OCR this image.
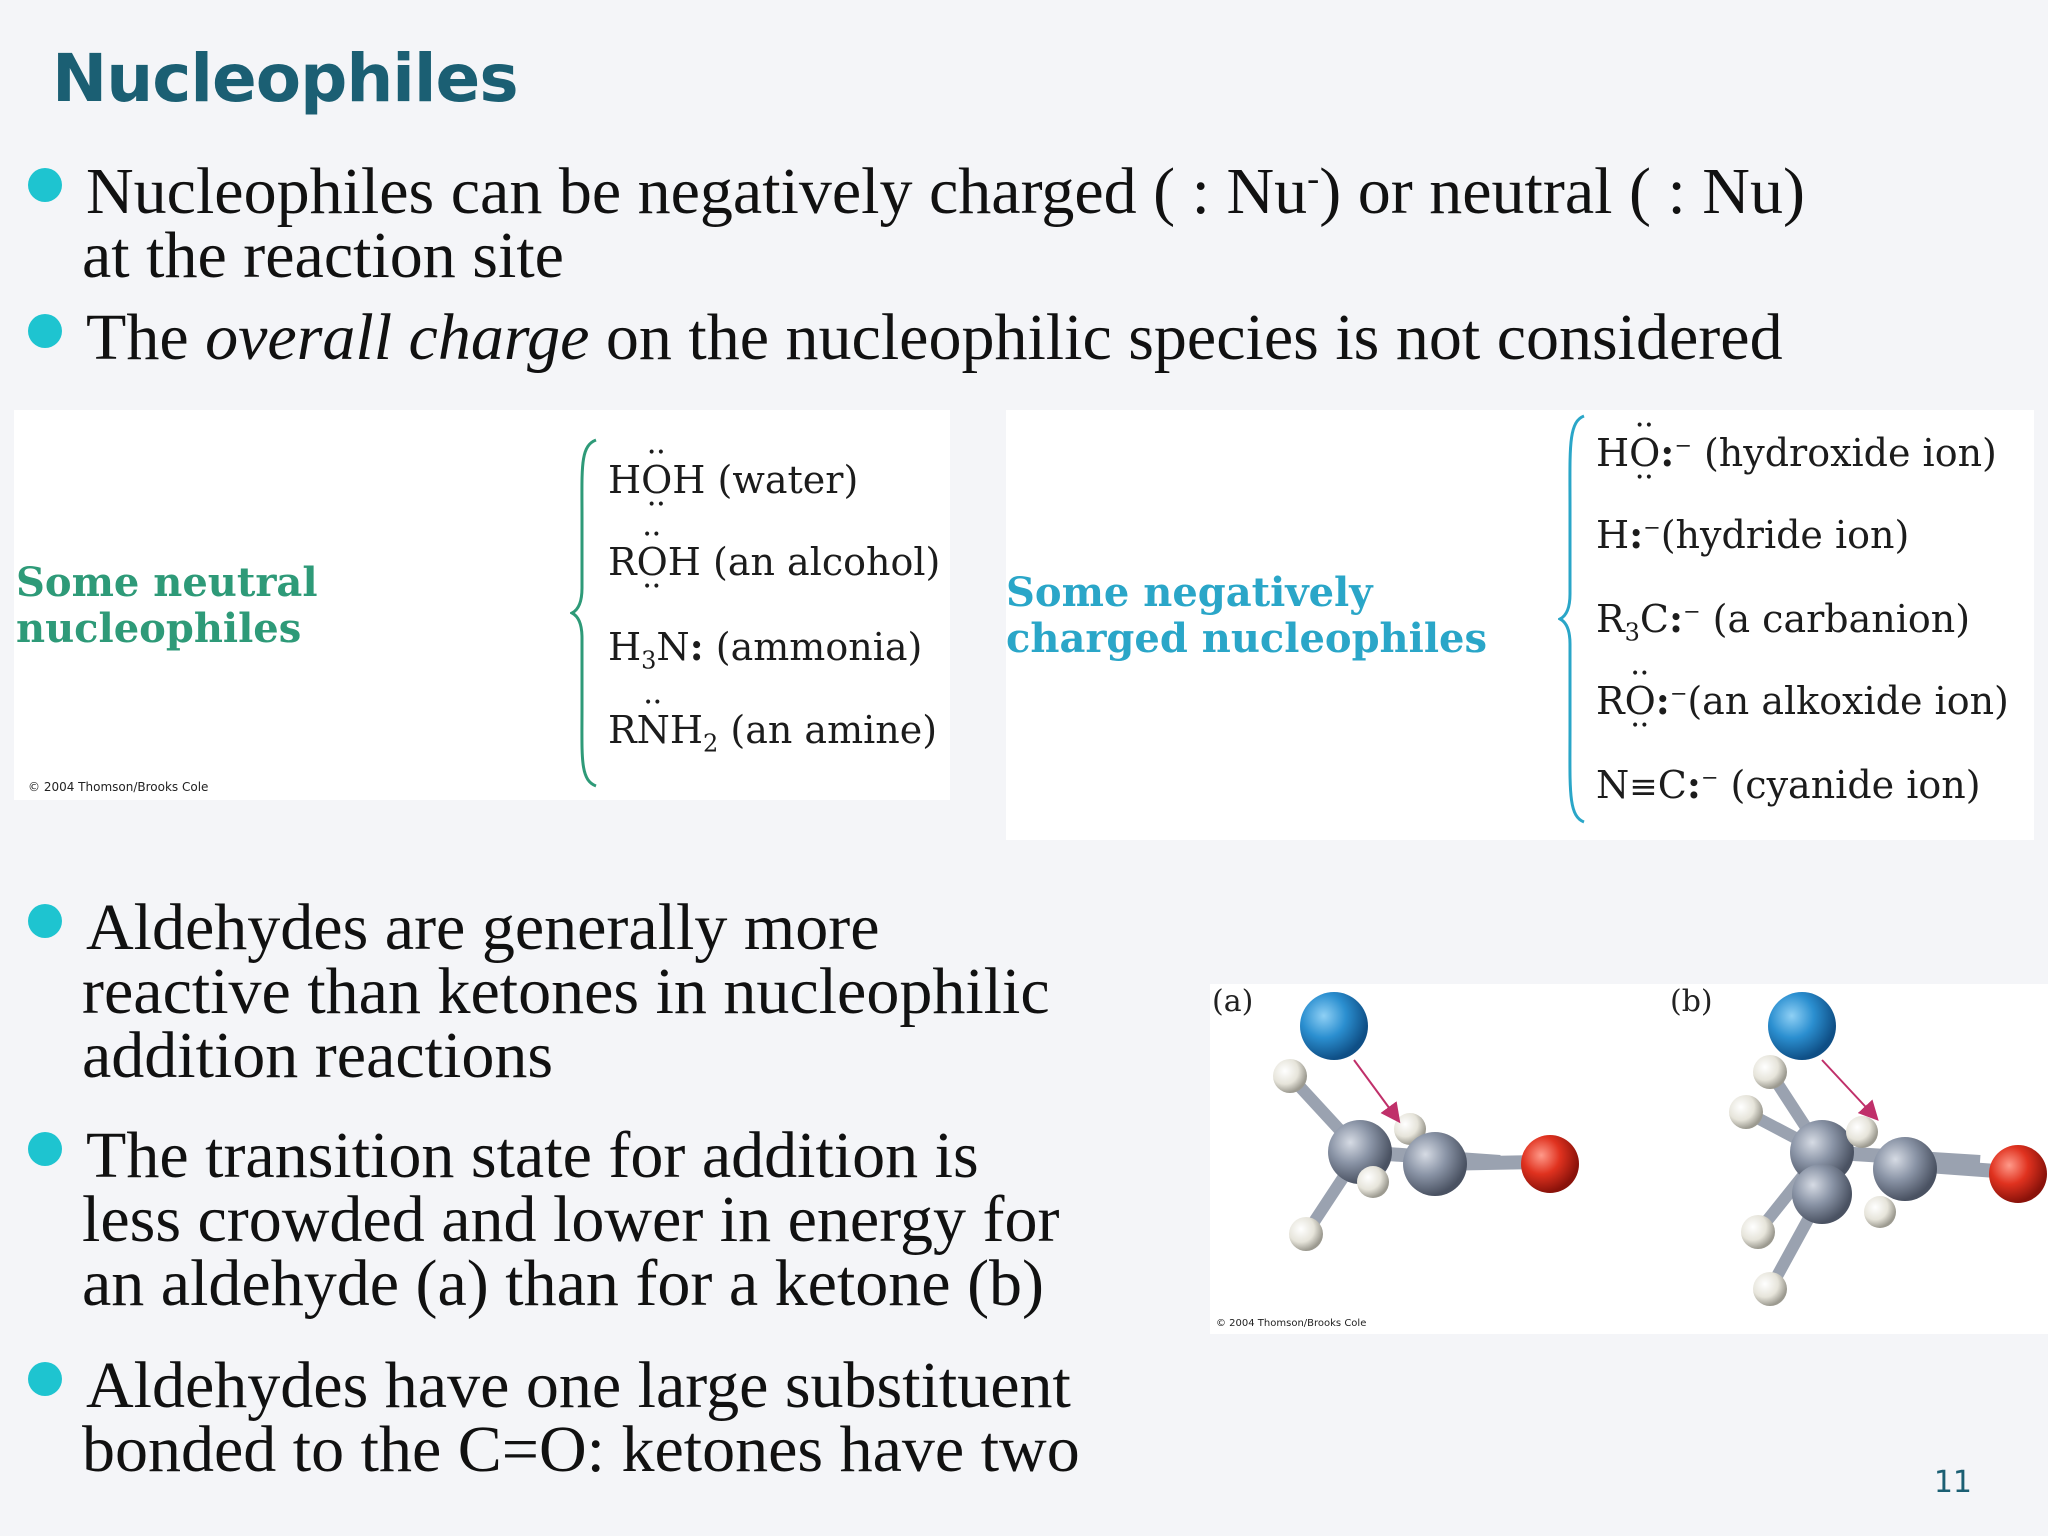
Nucleophiles
Nucleophiles can be negatively charged ( : Nu-) or neutral ( : Nu)
at the reaction site
The overall charge on the nucleophilic species is not considered
Some neutral
nucleophiles
H•• O ••H (water)
R•• O ••H (an alcohol)
$H_3N$: (ammonia)
R•• $NH_2$ (an amine)
© 2004 Thomson/Brooks Cole
Some negatively
charged nucleophiles
H•• O ••:− (hydroxide ion)
H:−(hydride ion)
$R_3C:^-$ (a carbanion)
R•• O ••:−(an alkoxide ion)
N≡C:− (cyanide ion)
Aldehydes are generally more
reactive than ketones in nucleophilic
addition reactions
The transition state for addition is
less crowded and lower in energy for
an aldehyde (a) than for a ketone (b)
Aldehydes have one large substituent
bonded to the C=O: ketones have two
(a)	(b)
© 2004 Thomson/Brooks Cole
11
